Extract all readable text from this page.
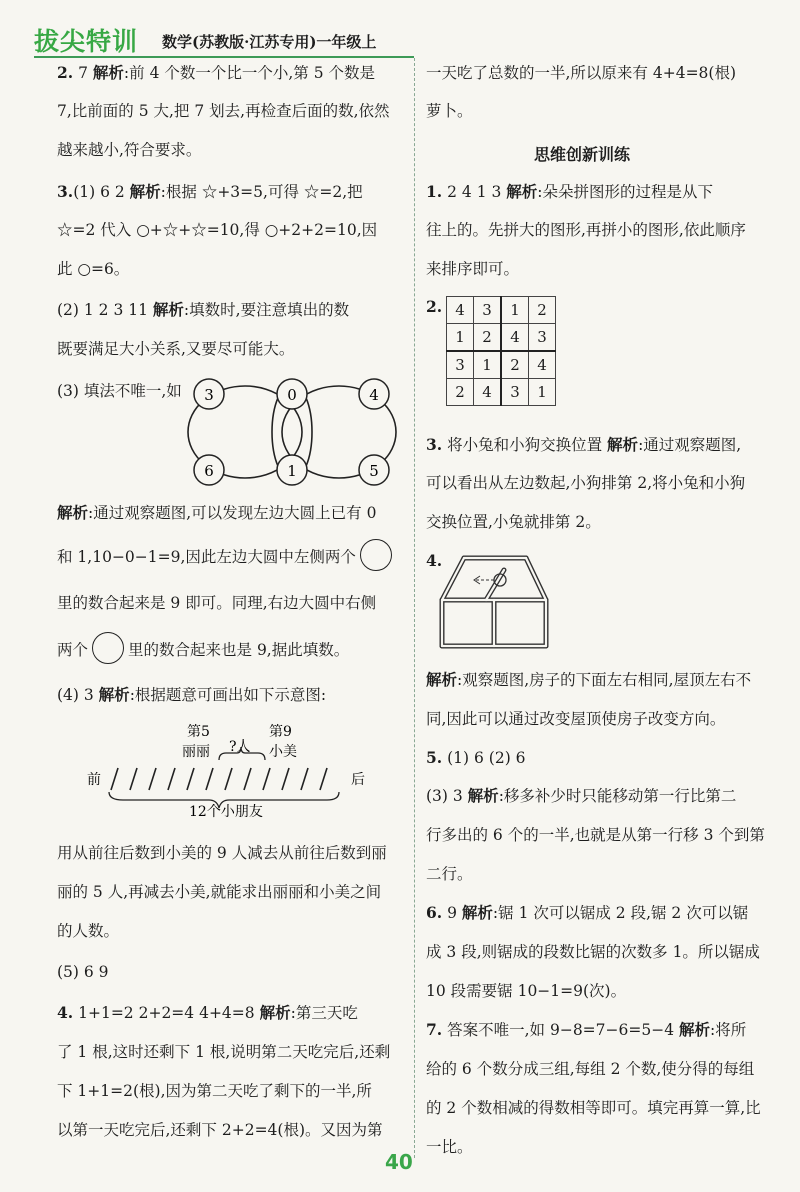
拔尖特训 数学(苏教版·江苏专用)一年级上
2. 7 解析:前 4 个数一个比一个小,第 5 个数是
7,比前面的 5 大,把 7 划去,再检查后面的数,依然
越来越小,符合要求。
3.(1) 6 2 解析:根据 ☆+3=5,可得 ☆=2,把
☆=2 代入 ○+☆+☆=10,得 ○+2+2=10,因
此 ○=6。
(2) 1 2 3 11 解析:填数时,要注意填出的数
既要满足大小关系,又要尽可能大。
(3) 填法不唯一,如 3	0	4
6	1	5
解析:通过观察题图,可以发现左边大圆上已有 0
和 1,10−0−1=9,因此左边大圆中左侧两个
里的数合起来是 9 即可。同理,右边大圆中右侧
两个	里的数合起来也是 9,据此填数。
(4) 3 解析:根据题意可画出如下示意图:
第5	第9
丽丽 ?人 小美
前	后
12个小朋友
用从前往后数到小美的 9 人减去从前往后数到丽
丽的 5 人,再减去小美,就能求出丽丽和小美之间
的人数。
(5) 6 9
4. 1+1=2 2+2=4 4+4=8 解析:第三天吃
了 1 根,这时还剩下 1 根,说明第二天吃完后,还剩
下 1+1=2(根),因为第二天吃了剩下的一半,所
以第一天吃完后,还剩下 2+2=4(根)。又因为第
一天吃了总数的一半,所以原来有 4+4=8(根)
萝卜。
思维创新训练
1. 2 4 1 3 解析:朵朵拼图形的过程是从下
往上的。先拼大的图形,再拼小的图形,依此顺序
来排序即可。
2. 4	3	1	2
1	2	4	3
3	1	2	4
2	4	3	1
3. 将小兔和小狗交换位置 解析:通过观察题图,
可以看出从左边数起,小狗排第 2,将小兔和小狗
交换位置,小兔就排第 2。
4.
解析:观察题图,房子的下面左右相同,屋顶左右不
同,因此可以通过改变屋顶使房子改变方向。
5. (1) 6 (2) 6
(3) 3 解析:移多补少时只能移动第一行比第二
行多出的 6 个的一半,也就是从第一行移 3 个到第
二行。
6. 9 解析:锯 1 次可以锯成 2 段,锯 2 次可以锯
成 3 段,则锯成的段数比锯的次数多 1。所以锯成
10 段需要锯 10−1=9(次)。
7. 答案不唯一,如 9−8=7−6=5−4 解析:将所
给的 6 个数分成三组,每组 2 个数,使分得的每组
的 2 个数相减的得数相等即可。填完再算一算,比
一比。
40
